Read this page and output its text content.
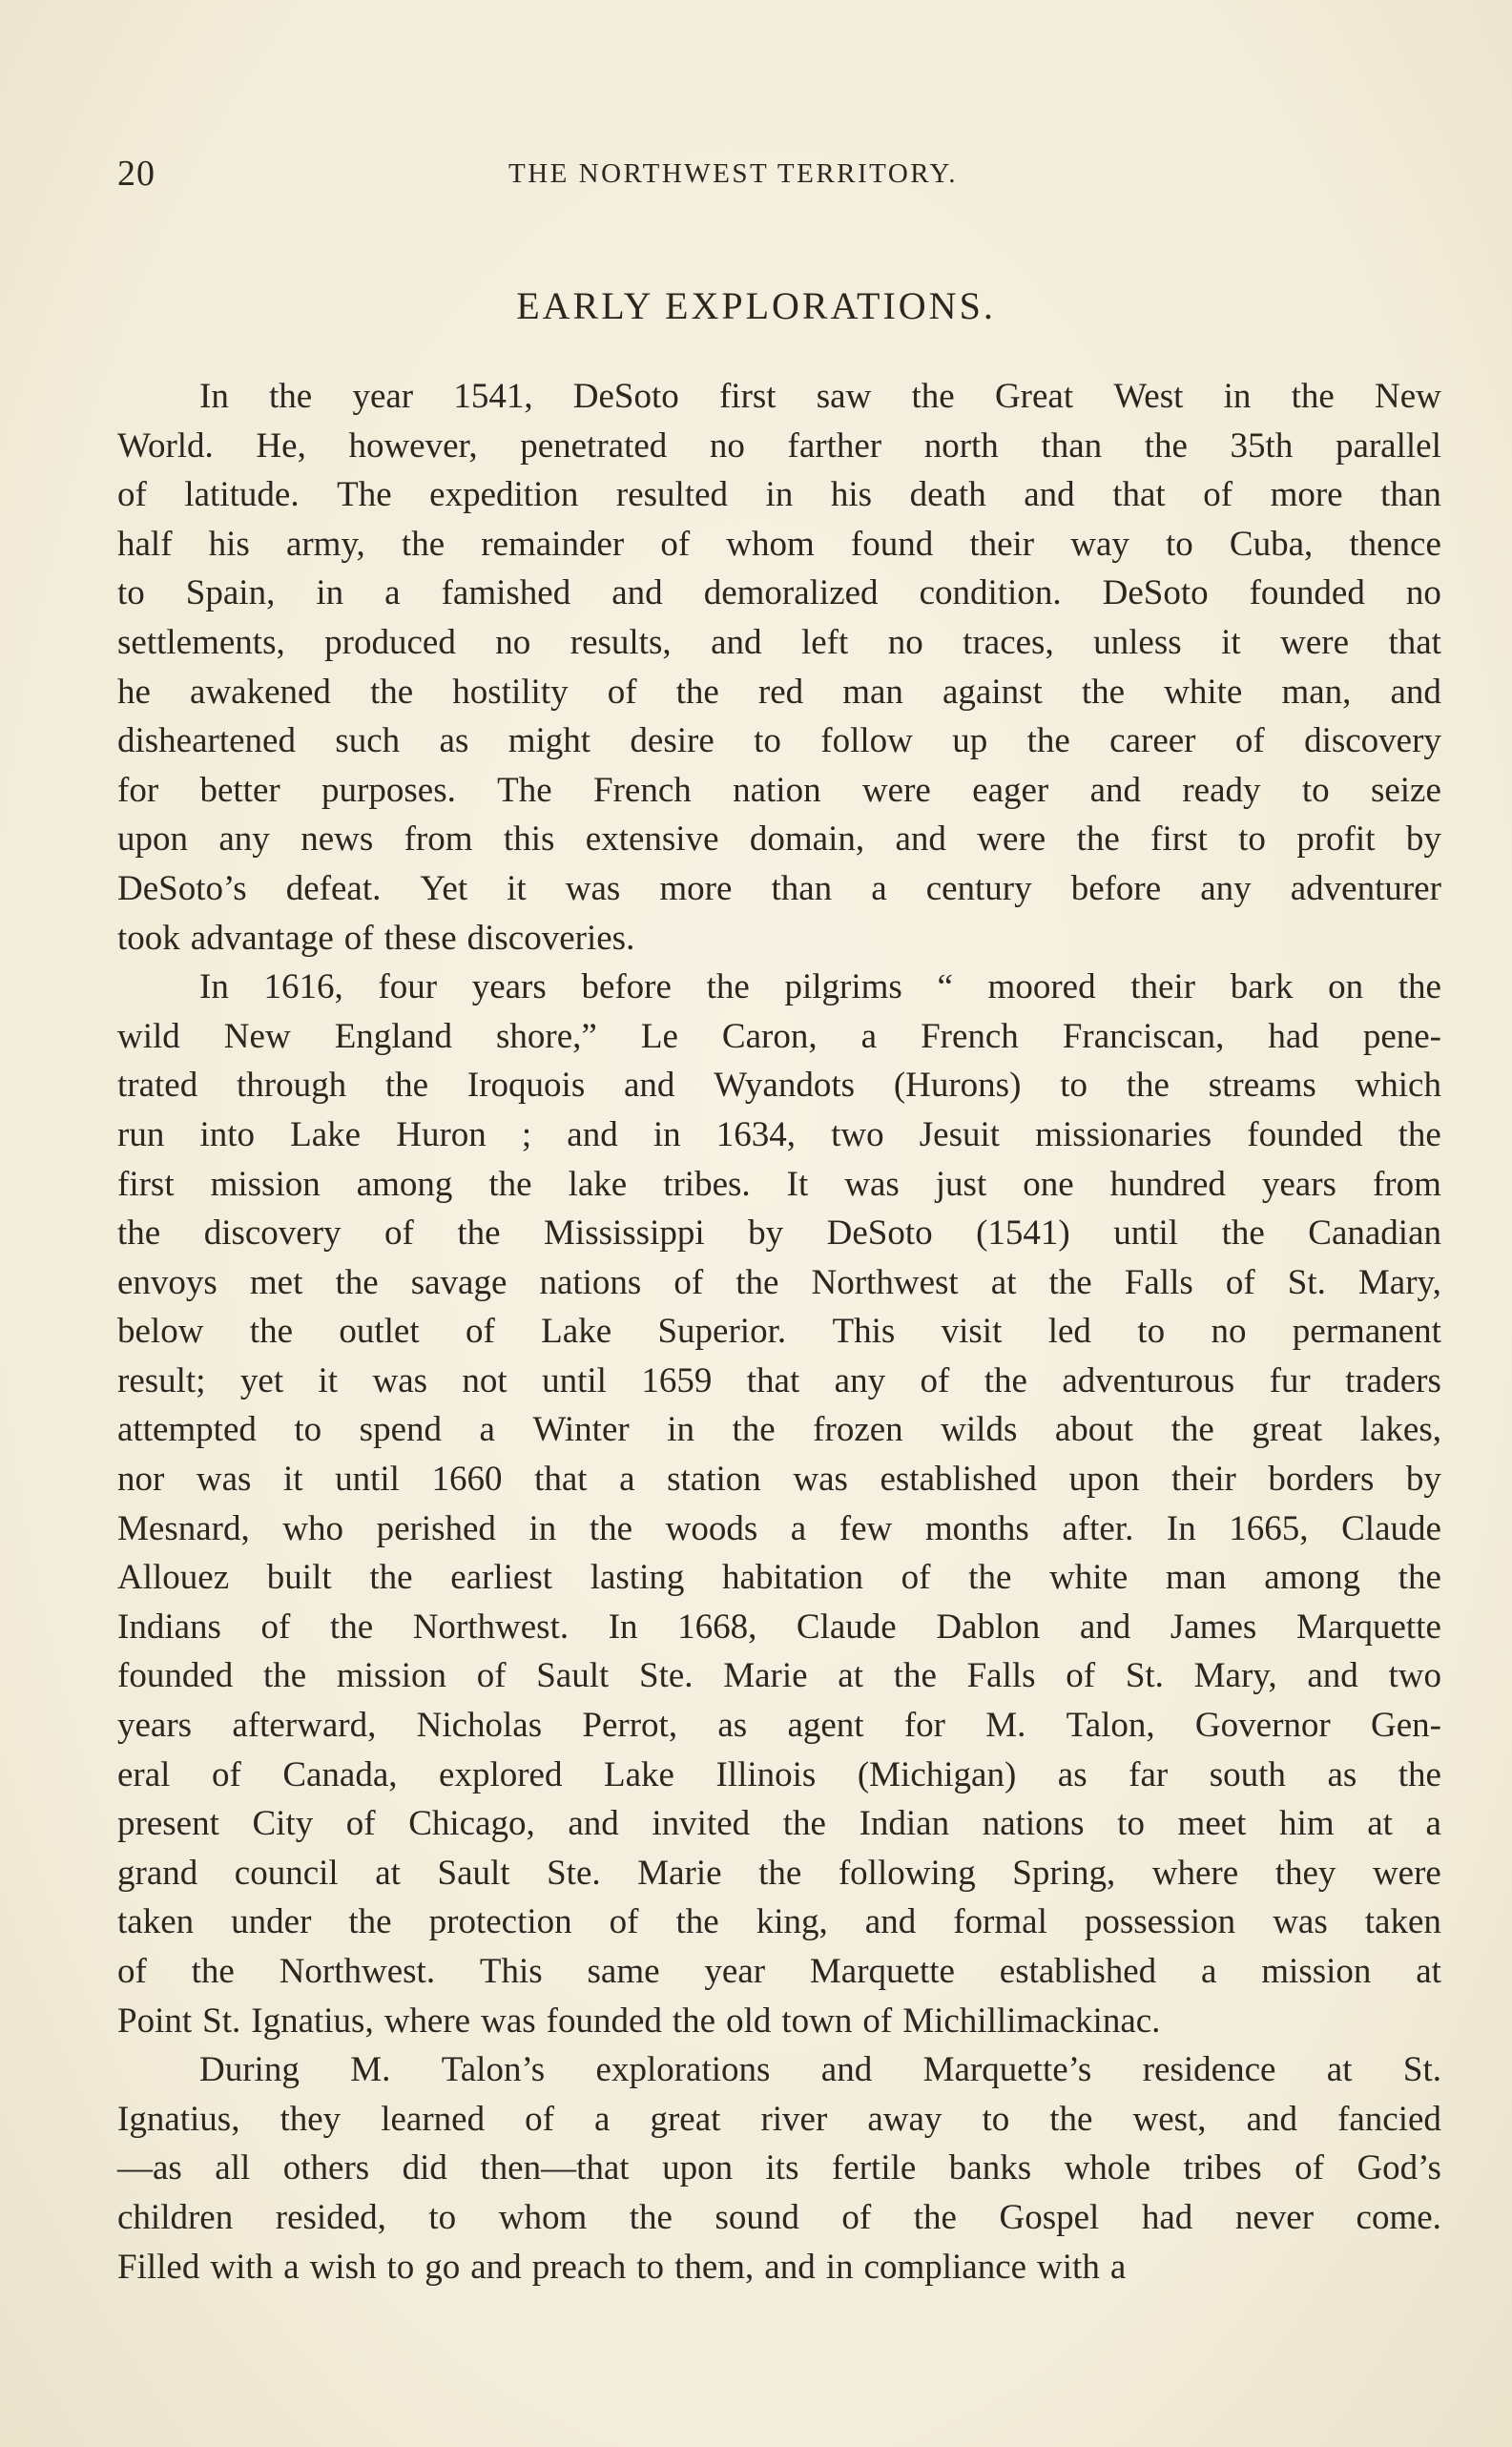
20	THE NORTHWEST TERRITORY.
EARLY EXPLORATIONS.
In the year 1541, DeSoto first saw the Great West in the New
World. He, however, penetrated no farther north than the 35th parallel
of latitude. The expedition resulted in his death and that of more than
half his army, the remainder of whom found their way to Cuba, thence
to Spain, in a famished and demoralized condition. DeSoto founded no
settlements, produced no results, and left no traces, unless it were that
he awakened the hostility of the red man against the white man, and
disheartened such as might desire to follow up the career of discovery
for better purposes. The French nation were eager and ready to seize
upon any news from this extensive domain, and were the first to profit by
DeSoto’s defeat. Yet it was more than a century before any adventurer
took advantage of these discoveries.
In 1616, four years before the pilgrims “ moored their bark on the
wild New England shore,” Le Caron, a French Franciscan, had pene-
trated through the Iroquois and Wyandots (Hurons) to the streams which
run into Lake Huron ; and in 1634, two Jesuit missionaries founded the
first mission among the lake tribes. It was just one hundred years from
the discovery of the Mississippi by DeSoto (1541) until the Canadian
envoys met the savage nations of the Northwest at the Falls of St. Mary,
below the outlet of Lake Superior. This visit led to no permanent
result; yet it was not until 1659 that any of the adventurous fur traders
attempted to spend a Winter in the frozen wilds about the great lakes,
nor was it until 1660 that a station was established upon their borders by
Mesnard, who perished in the woods a few months after. In 1665, Claude
Allouez built the earliest lasting habitation of the white man among the
Indians of the Northwest. In 1668, Claude Dablon and James Marquette
founded the mission of Sault Ste. Marie at the Falls of St. Mary, and two
years afterward, Nicholas Perrot, as agent for M. Talon, Governor Gen-
eral of Canada, explored Lake Illinois (Michigan) as far south as the
present City of Chicago, and invited the Indian nations to meet him at a
grand council at Sault Ste. Marie the following Spring, where they were
taken under the protection of the king, and formal possession was taken
of the Northwest. This same year Marquette established a mission at
Point St. Ignatius, where was founded the old town of Michillimackinac.
During M. Talon’s explorations and Marquette’s residence at St.
Ignatius, they learned of a great river away to the west, and fancied
—as all others did then—that upon its fertile banks whole tribes of God’s
children resided, to whom the sound of the Gospel had never come.
Filled with a wish to go and preach to them, and in compliance with a
